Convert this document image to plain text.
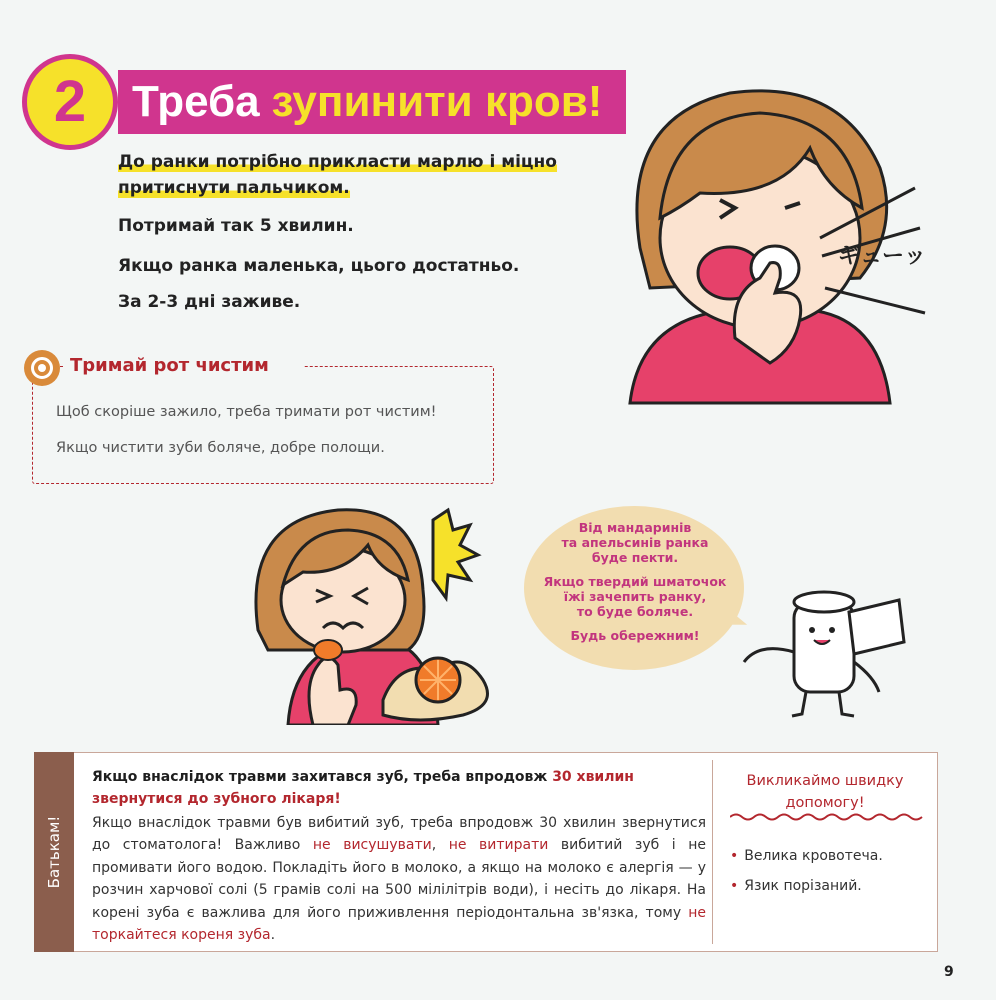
2 Треба зупинити кров !
До ранки потрібно прикласти марлю і міцно
притиснути пальчиком.
Потримай так 5 хвилин.
Якщо ранка маленька, цього достатньо.
За 2-3 дні заживе.
ギューッ
Тримай рот чистим
Щоб скоріше зажило, треба тримати рот чистим!
Якщо чистити зуби боляче, добре полощи.
Від мандаринів
та апельсинів ранка
буде пекти.
Якщо твердий шматочок
їжі зачепить ранку,
то буде боляче.
Будь обережним!
Батькам!
Якщо внаслідок травми захитався зуб, треба впродовж 30 хвилин
звернутися до зубного лікаря!
Якщо внаслідок травми був вибитий зуб, треба впродовж 30 хвилин звернутися до стоматолога! Важливо не висушувати, не витирати вибитий зуб і не промивати його водою. Покладіть його в молоко, а якщо на молоко є алергія — у розчин харчової солі (5 грамів солі на 500 мілілітрів води), і несіть до лікаря. На корені зуба є важлива для його приживлення періодонтальна зв'язка, тому не торкайтеся кореня зуба.
Викликаймо швидку
допомогу!
• Велика кровотеча.
• Язик порізаний.
9
